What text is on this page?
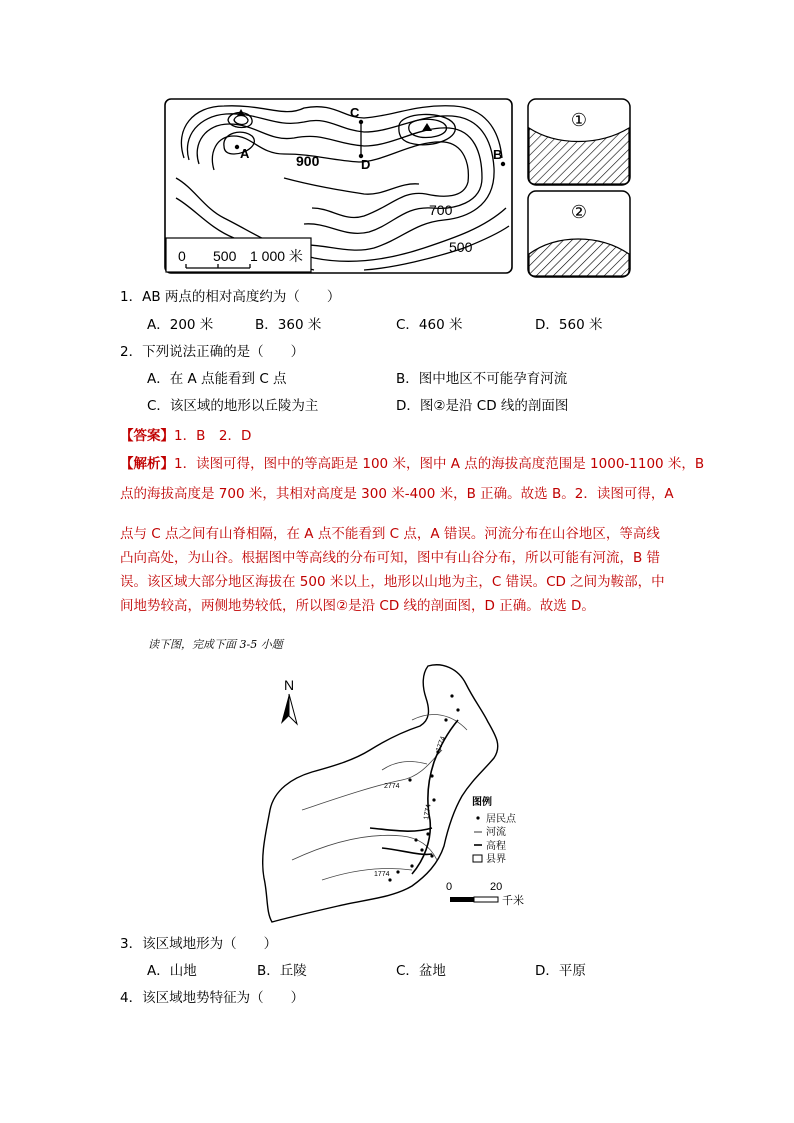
A
C
D
B
900
700
500
0 500 1 000 米
①
②
1．AB 两点的相对高度约为（　　）
A．200 米	B．360 米	C．460 米	D．560 米
2．下列说法正确的是（　　）
A．在 A 点能看到 C 点	B．图中地区不可能孕育河流
C．该区域的地形以丘陵为主	D．图②是沿 CD 线的剖面图
【答案】1．B　2．D

【解析】1．读图可得，图中的等高距是 100 米，图中 A 点的海拔高度范围是 1000-1100 米，B

点的海拔高度是 700 米，其相对高度是 300 米-400 米，B 正确。故选 B。2．读图可得，A

点与 C 点之间有山脊相隔，在 A 点不能看到 C 点，A 错误。河流分布在山谷地区，等高线
凸向高处，为山谷。根据图中等高线的分布可知，图中有山谷分布，所以可能有河流，B 错
误。该区域大部分地区海拔在 500 米以上，地形以山地为主，C 错误。CD 之间为鞍部，中
间地势较高，两侧地势较低，所以图②是沿 CD 线的剖面图，D 正确。故选 D。
读下图，完成下面 3-5 小题
N
1774
2774
1774
1774
图例
居民点
河流
高程
县界
0	20
千米
3．该区域地形为（　　）
A．山地	B．丘陵	C．盆地	D．平原
4．该区域地势特征为（　　）
